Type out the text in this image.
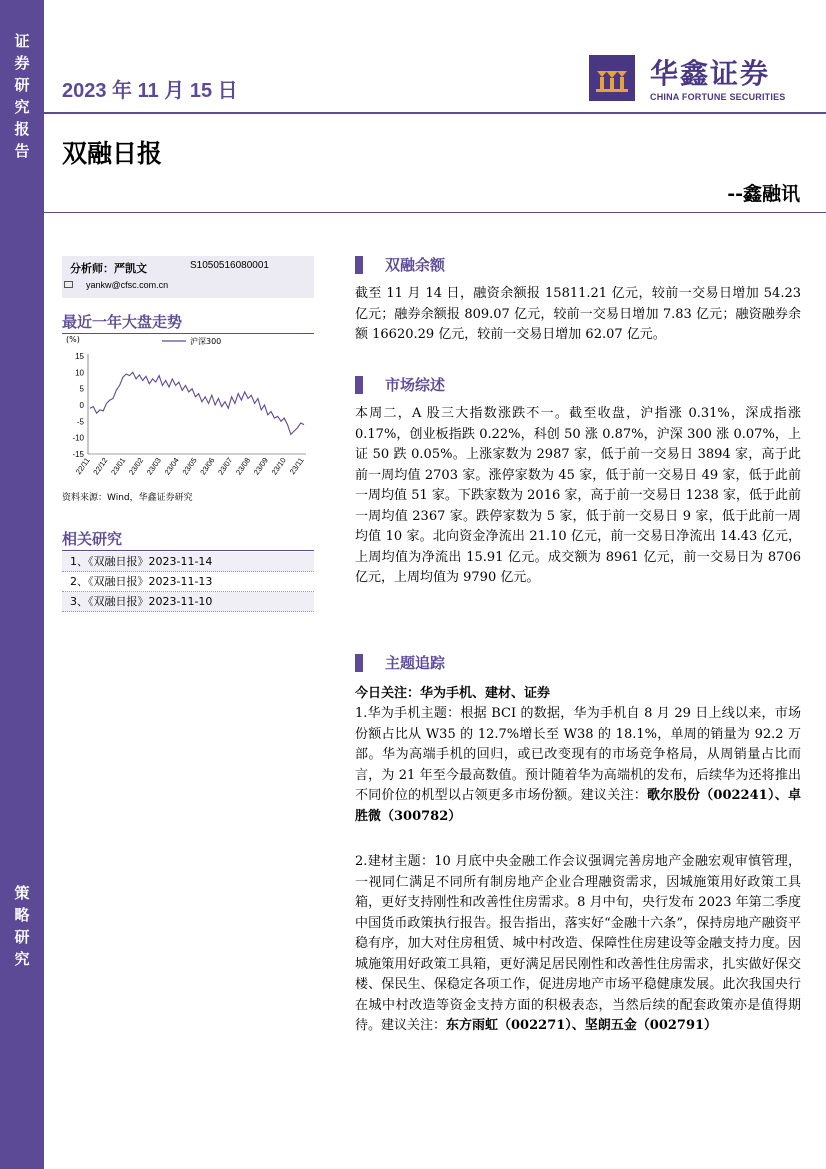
证
券
研
究
报
告
策
略
研
究
2023 年 11 月 15 日
华鑫证券
CHINA FORTUNE SECURITIES
双融日报
--鑫融讯
分析师：严凯文	S1050516080001
yankw@cfsc.com.cn
最近一年大盘走势
(%)	沪深300
15
10
5
0
-5
-10
-15
22/11 22/12 23/01 23/02 23/03 23/04 23/05 23/06 23/07 23/08 23/09 23/10 23/11
资料来源：Wind，华鑫证券研究
相关研究
1、《双融日报》2023-11-14
2、《双融日报》2023-11-13
3、《双融日报》2023-11-10
双融余额
截至 11 月 14 日，融资余额报 15811.21 亿元，较前一交易日增加 54.23 亿元；融券余额报 809.07 亿元，较前一交易日增加 7.83 亿元；融资融券余额 16620.29 亿元，较前一交易日增加 62.07 亿元。
市场综述
本周二，A 股三大指数涨跌不一。截至收盘，沪指涨 0.31%，深成指涨 0.17%，创业板指跌 0.22%，科创 50 涨 0.87%，沪深 300 涨 0.07%，上证 50 跌 0.05%。上涨家数为 2987 家，低于前一交易日 3894 家，高于此前一周均值 2703 家。涨停家数为 45 家，低于前一交易日 49 家，低于此前一周均值 51 家。下跌家数为 2016 家，高于前一交易日 1238 家，低于此前一周均值 2367 家。跌停家数为 5 家，低于前一交易日 9 家，低于此前一周均值 10 家。北向资金净流出 21.10 亿元，前一交易日净流出 14.43 亿元，上周均值为净流出 15.91 亿元。成交额为 8961 亿元，前一交易日为 8706 亿元，上周均值为 9790 亿元。
主题追踪
今日关注：华为手机、建材、证券
1.华为手机主题：根据 BCI 的数据，华为手机自 8 月 29 日上线以来，市场份额占比从 W35 的 12.7%增长至 W38 的 18.1%，单周的销量为 92.2 万部。华为高端手机的回归，或已改变现有的市场竞争格局，从周销量占比而言，为 21 年至今最高数值。预计随着华为高端机的发布，后续华为还将推出不同价位的机型以占领更多市场份额。建议关注：歌尔股份（002241）、卓胜微（300782）
2.建材主题：10 月底中央金融工作会议强调完善房地产金融宏观审慎管理，一视同仁满足不同所有制房地产企业合理融资需求，因城施策用好政策工具箱，更好支持刚性和改善性住房需求。8 月中旬，央行发布 2023 年第二季度中国货币政策执行报告。报告指出，落实好“金融十六条”，保持房地产融资平稳有序，加大对住房租赁、城中村改造、保障性住房建设等金融支持力度。因城施策用好政策工具箱，更好满足居民刚性和改善性住房需求，扎实做好保交楼、保民生、保稳定各项工作，促进房地产市场平稳健康发展。此次我国央行在城中村改造等资金支持方面的积极表态，当然后续的配套政策亦是值得期待。建议关注：东方雨虹（002271）、坚朗五金（002791）
